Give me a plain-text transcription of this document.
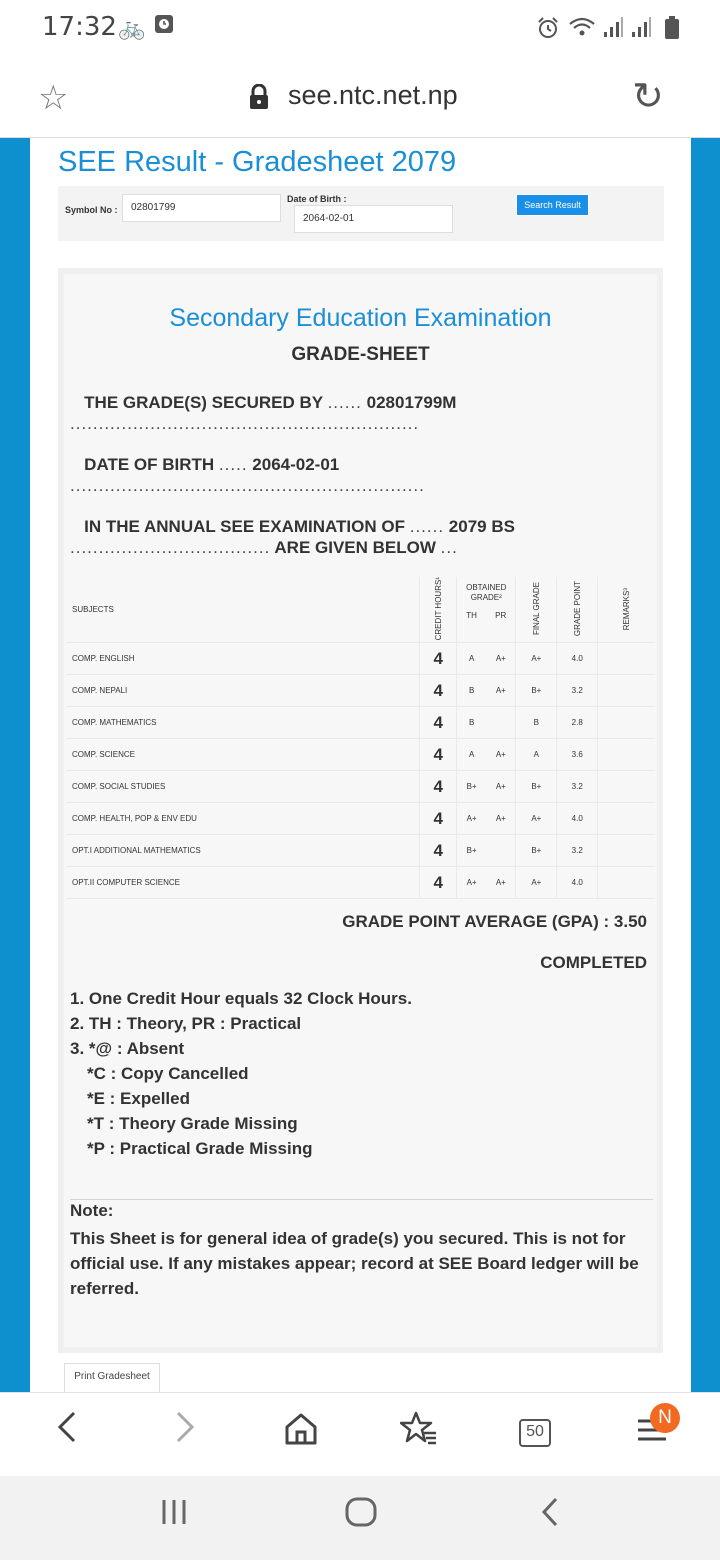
17:32 🚲
☆	see.ntc.net.np	↻
SEE Result - Gradesheet 2079
Symbol No :	02801799
Date of Birth :
2064-02-01
Search Result
Secondary Education Examination
GRADE-SHEET
THE GRADE(S) SECURED BY ...... 02801799M .............................................................
DATE OF BIRTH ..... 2064-02-01 ..............................................................
IN THE ANNUAL SEE EXAMINATION OF ...... 2079 BS ................................... ARE GIVEN BELOW ...
SUBJECTS	CREDIT HOURS¹	OBTAINED GRADE²
TH PR		FINAL GRADE	GRADE POINT	REMARKS³
COMP. ENGLISH	4	A	A+	A+	4.0	
COMP. NEPALI	4	B	A+	B+	3.2	
COMP. MATHEMATICS	4	B		B	2.8	
COMP. SCIENCE	4	A	A+	A	3.6	
COMP. SOCIAL STUDIES	4	B+	A+	B+	3.2	
COMP. HEALTH, POP & ENV EDU	4	A+	A+	A+	4.0	
OPT.I ADDITIONAL MATHEMATICS	4	B+		B+	3.2	
OPT.II COMPUTER SCIENCE	4	A+	A+	A+	4.0	
GRADE POINT AVERAGE (GPA) : 3.50
COMPLETED
1. One Credit Hour equals 32 Clock Hours.
2. TH : Theory, PR : Practical
3. *@ : Absent
*C : Copy Cancelled
*E : Expelled
*T : Theory Grade Missing
*P : Practical Grade Missing
Note:
This Sheet is for general idea of grade(s) you secured. This is not for official use. If any mistakes appear; record at SEE Board ledger will be referred.
Print Gradesheet
50
N
